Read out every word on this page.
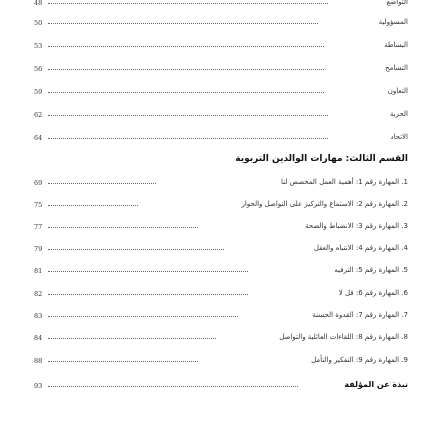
48	التواضع
50	المسؤولية
53	البساطة
56	التسامح
59	التعاون
62	الحرية
64	الاتحاد
القسم الثالث: مهارات الوالدين التربوية
69	1. المهارة رقم 1: أهمية العمل المخصص لنا
75	2. المهارة رقم 2: الاستماع والتركيز على التواصل والحوار
77	3. المهارة رقم 3: الانضباط والصحة
79	4. المهارة رقم 4: الانتباه والعقل
81	5. المهارة رقم 5: الترفيه
82	6. المهارة رقم 6: قل لا
83	7. المهارة رقم 7: القدوة الحسنة
84	8. المهارة رقم 8: اللقاءات العائلية والتواصل
88	9. المهارة رقم 9: التفكير والتأمل
93	نبذة عن المؤلفة
